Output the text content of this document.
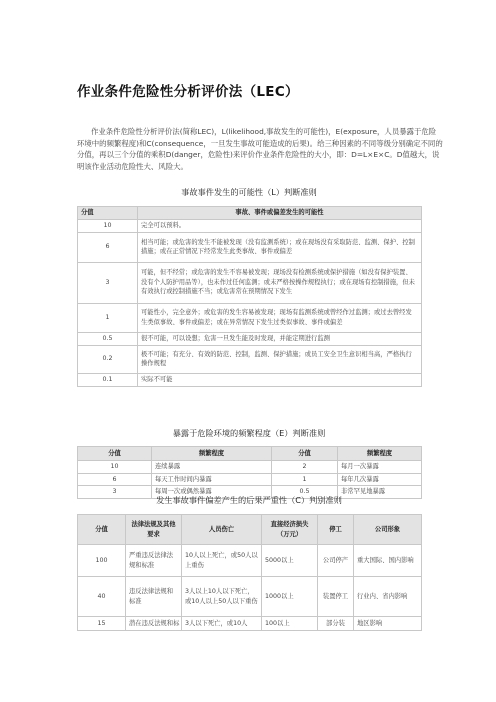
作业条件危险性分析评价法（LEC）
作业条件危险性分析评价法(简称LEC)，L(likelihood,事故发生的可能性)，E(exposure，人员暴露于危险环境中的频繁程度)和C(consequence，一旦发生事故可能造成的后果)。给三种因素的不同等级分别确定不同的分值，再以三个分值的乘积D(danger，危险性)来评价作业条件危险性的大小，即：D=L×E×C。D值越大，说明该作业活动危险性大、风险大。
事故事件发生的可能性（L）判断准则
分值	事故、事件或偏差发生的可能性
10	完全可以预料。
6	相当可能；或危害的发生不能被发现（没有监测系统）；或在现场没有采取防范、监测、保护、控制措施；或在正常情况下经常发生此类事故、事件或偏差
3	可能，但不经常；或危害的发生不容易被发现；现场没有检测系统或保护措施（如没有保护装置、没有个人防护用品等），也未作过任何监测；或未严格按操作规程执行；或在现场有控制措施，但未有效执行或控制措施不当；或危害常在预期情况下发生
1	可能性小，完全意外；或危害的发生容易被发现；现场有监测系统或曾经作过监测；或过去曾经发生类似事故、事件或偏差；或在异常情况下发生过类似事故、事件或偏差
0.5	很不可能，可以设想；危害一旦发生能及时发现，并能定期进行监测
0.2	极不可能；有充分、有效的防范、控制，监测、保护措施；或员工安全卫生意识相当高，严格执行操作规程
0.1	实际不可能
暴露于危险环境的频繁程度（E）判断准则
分值	频繁程度	分值	频繁程度
10	连续暴露	2	每月一次暴露
6	每天工作时间内暴露	1	每年几次暴露
3	每周一次或偶然暴露	0.5	非常罕见地暴露
发生事故事件偏差产生的后果严重性（C）判别准则
分值	法律法规及其他要求	人员伤亡	直接经济损失（万元）	停工	公司形象
100	严重违反法律法规和标准	10人以上死亡，或50人以上重伤	5000以上	公司停产	重大国际、国内影响
40	违反法律法规和标准	3人以上10人以下死亡，或10人以上50人以下重伤	1000以上	装置停工	行业内、省内影响
15	潜在违反法规和标	3人以下死亡，或10人	100以上	部分装	地区影响
